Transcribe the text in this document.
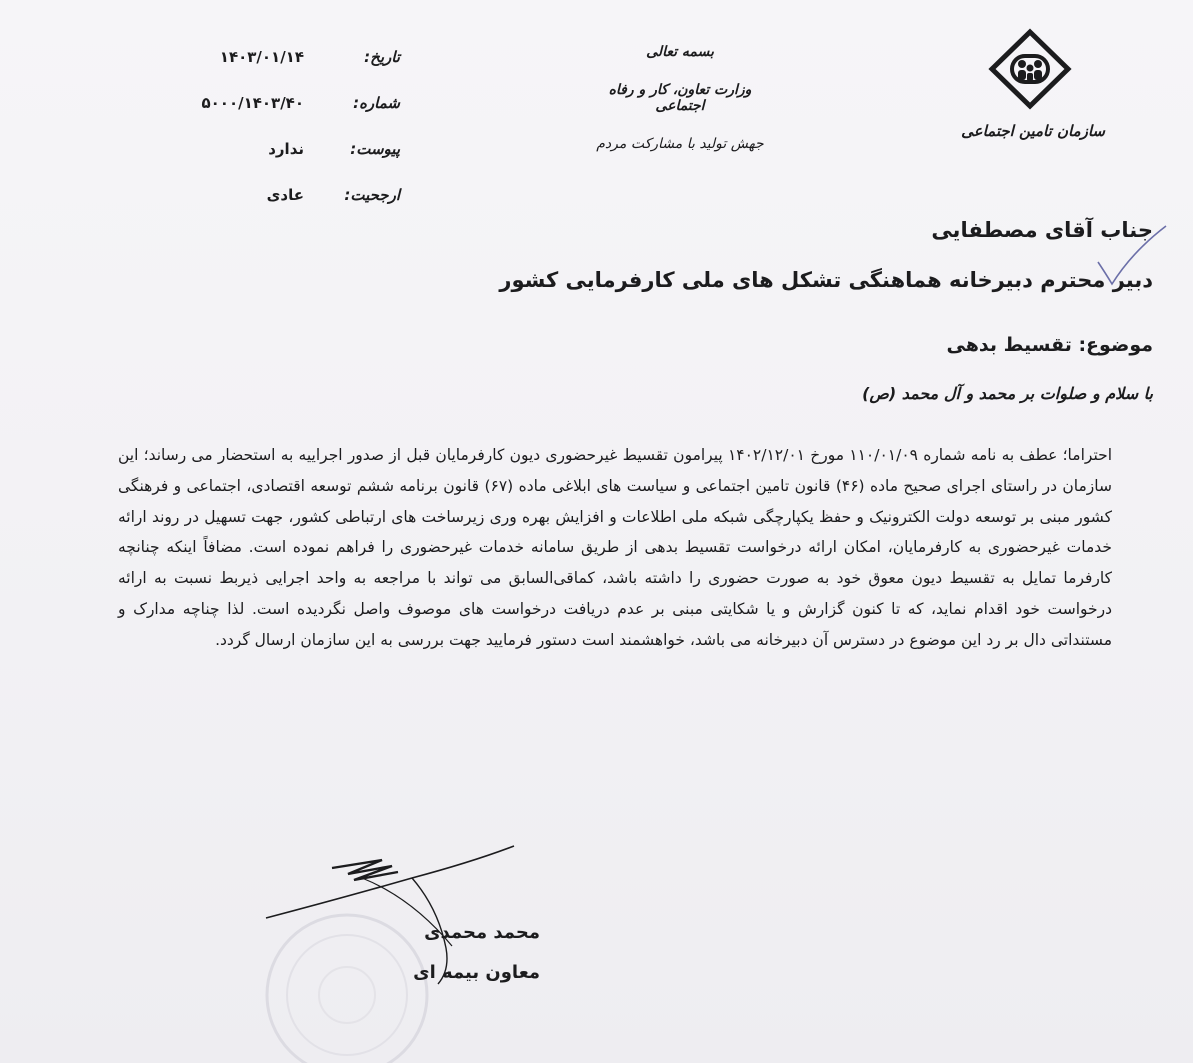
سازمان تامین اجتماعی
بسمه تعالی
وزارت تعاون، کار و رفاه اجتماعی
جهش تولید با مشارکت مردم
تاریخ:
۱۴۰۳/۰۱/۱۴
شماره:
۵۰۰۰/۱۴۰۳/۴۰
پیوست:
ندارد
ارجحیت:
عادی
جناب آقای مصطفایی
دبیر محترم دبیرخانه هماهنگی تشکل های ملی کارفرمایی کشور
موضوع: تقسیط بدهی
با سلام و صلوات بر محمد و آل محمد (ص)
احتراما؛ عطف به نامه شماره ۱۱۰/۰۱/۰۹ مورخ ۱۴۰۲/۱۲/۰۱ پیرامون تقسیط غیرحضوری دیون کارفرمایان قبل از صدور اجراییه به استحضار می رساند؛ این سازمان در راستای اجرای صحیح ماده (۴۶) قانون تامین اجتماعی و سیاست های ابلاغی ماده (۶۷) قانون برنامه ششم توسعه اقتصادی، اجتماعی و فرهنگی کشور مبنی بر توسعه دولت الکترونیک و حفظ یکپارچگی شبکه ملی اطلاعات و افزایش بهره وری زیرساخت های ارتباطی کشور، جهت تسهیل در روند ارائه خدمات غیرحضوری به کارفرمایان، امکان ارائه درخواست تقسیط بدهی از طریق سامانه خدمات غیرحضوری را فراهم نموده است. مضافاً اینکه چنانچه کارفرما تمایل به تقسیط دیون معوق خود به صورت حضوری را داشته باشد، کماقی‌السابق می تواند با مراجعه به واحد اجرایی ذیربط نسبت به ارائه درخواست خود اقدام نماید، که تا کنون گزارش و یا شکایتی مبنی بر عدم دریافت درخواست های موصوف واصل نگردیده است. لذا چناچه مدارک و مستنداتی دال بر رد این موضوع در دسترس آن دبیرخانه می باشد، خواهشمند است دستور فرمایید جهت بررسی به این سازمان ارسال گردد.
محمد محمدی
معاون بیمه ای
